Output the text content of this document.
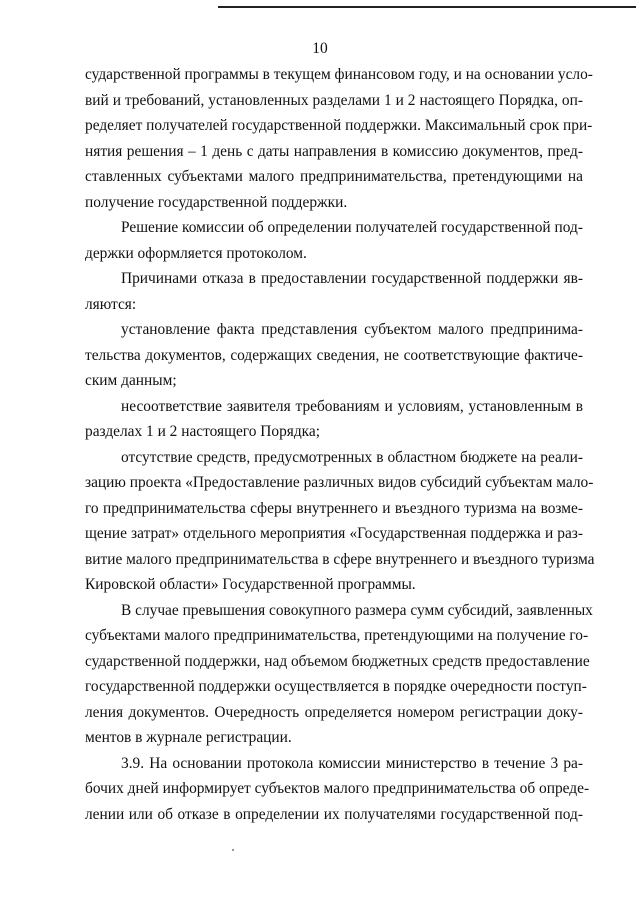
10

сударственной программы в текущем финансовом году, и на основании усло-
вий и требований, установленных разделами 1 и 2 настоящего Порядка, оп-
ределяет получателей государственной поддержки. Максимальный срок при-
нятия решения – 1 день с даты направления в комиссию документов, пред-
ставленных субъектами малого предпринимательства, претендующими на
получение государственной поддержки.

Решение комиссии об определении получателей государственной под-
держки оформляется протоколом.

Причинами отказа в предоставлении государственной поддержки яв-
ляются:

установление факта представления субъектом малого предпринима-
тельства документов, содержащих сведения, не соответствующие фактиче-
ским данным;

несоответствие заявителя требованиям и условиям, установленным в
разделах 1 и 2 настоящего Порядка;

отсутствие средств, предусмотренных в областном бюджете на реали-
зацию проекта «Предоставление различных видов субсидий субъектам мало-
го предпринимательства сферы внутреннего и въездного туризма на возме-
щение затрат» отдельного мероприятия «Государственная поддержка и раз-
витие малого предпринимательства в сфере внутреннего и въездного туризма
Кировской области» Государственной программы.

В случае превышения совокупного размера сумм субсидий, заявленных
субъектами малого предпринимательства, претендующими на получение го-
сударственной поддержки, над объемом бюджетных средств предоставление
государственной поддержки осуществляется в порядке очередности поступ-
ления документов. Очередность определяется номером регистрации доку-
ментов в журнале регистрации.

3.9. На основании протокола комиссии министерство в течение 3 ра-
бочих дней информирует субъектов малого предпринимательства об опреде-
лении или об отказе в определении их получателями государственной под-
